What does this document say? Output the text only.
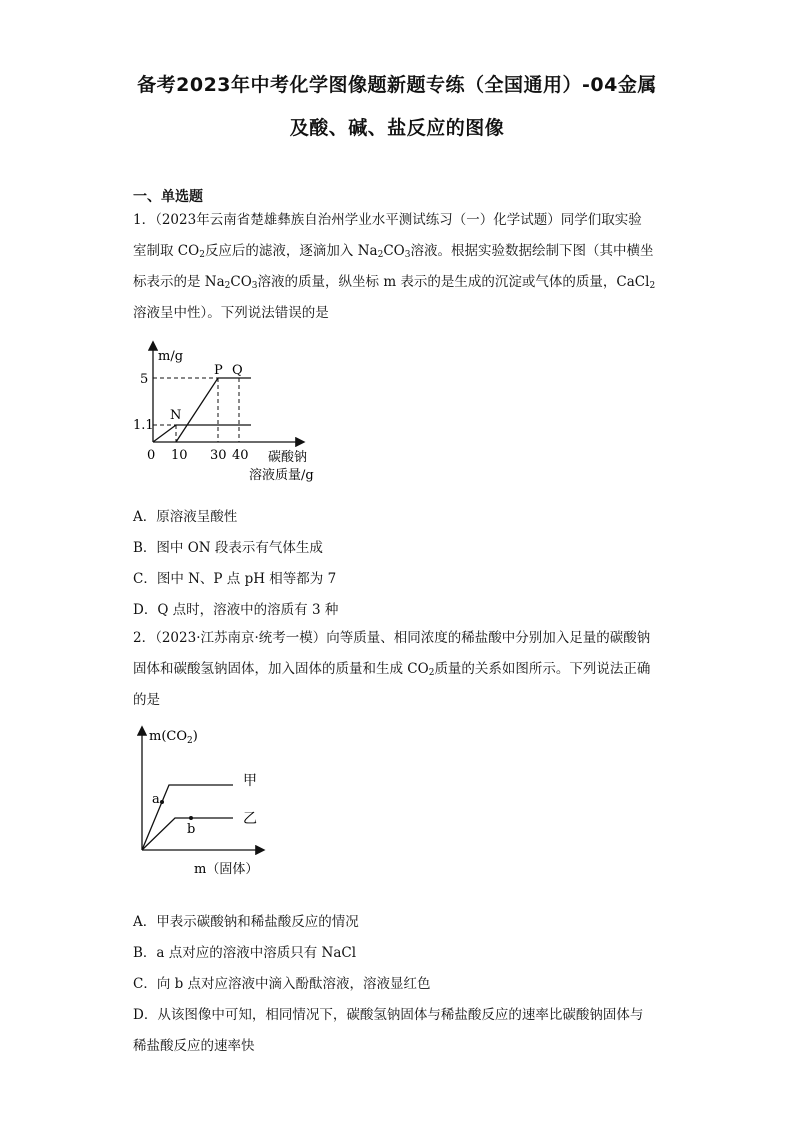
备考2023年中考化学图像题新题专练（全国通用）-04金属
及酸、碱、盐反应的图像
一、单选题
1．（2023年云南省楚雄彝族自治州学业水平测试练习（一）化学试题）同学们取实验
室制取 $CO_2$反应后的滤液，逐滴加入 $Na_2CO_3$溶液。根据实验数据绘制下图（其中横坐
标表示的是 $Na_2CO_3$溶液的质量，纵坐标 m 表示的是生成的沉淀或气体的质量，CaCl$_2$
溶液呈中性）。下列说法错误的是
m/g
5
1.1
0 10 30 40 碳酸钠
溶液质量/g
N
P Q
A．原溶液呈酸性
B．图中 ON 段表示有气体生成
C．图中 N、P 点 pH 相等都为 7
D．Q 点时，溶液中的溶质有 3 种
2．（2023·江苏南京·统考一模）向等质量、相同浓度的稀盐酸中分别加入足量的碳酸钠
固体和碳酸氢钠固体，加入固体的质量和生成 $CO_2$质量的关系如图所示。下列说法正确
的是
$m(CO_2)$
a
b
甲
乙
m（固体）
A．甲表示碳酸钠和稀盐酸反应的情况
B．a 点对应的溶液中溶质只有 NaCl
C．向 b 点对应溶液中滴入酚酞溶液，溶液显红色
D．从该图像中可知，相同情况下，碳酸氢钠固体与稀盐酸反应的速率比碳酸钠固体与
稀盐酸反应的速率快
